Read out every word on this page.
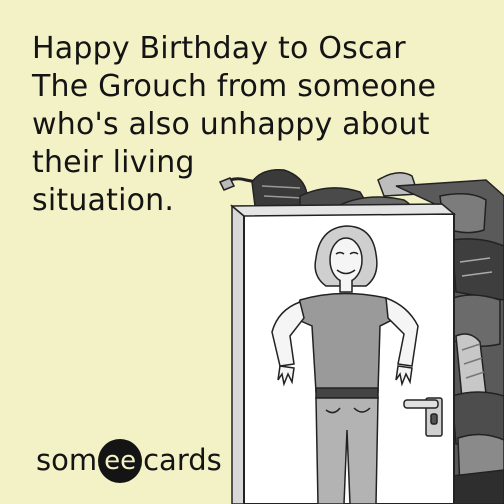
Happy Birthday to Oscar
The Grouch from someone
who's also unhappy about
their living
situation.
som ee cards
